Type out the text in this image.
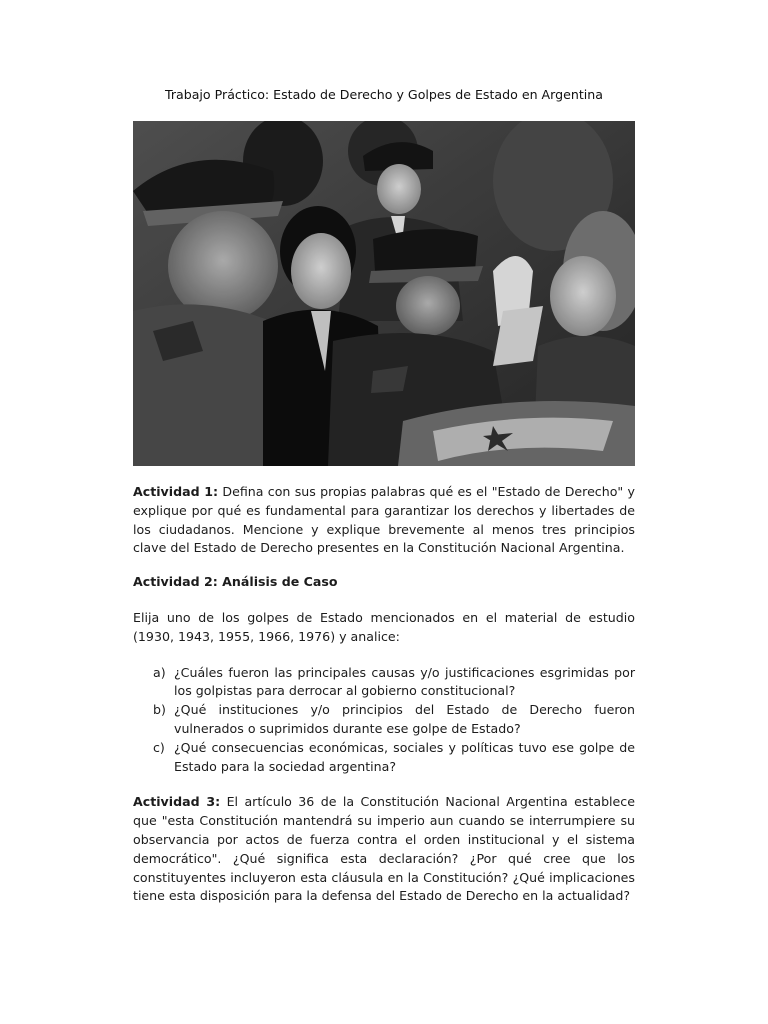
Trabajo Práctico: Estado de Derecho y Golpes de Estado en Argentina

Actividad 1: Defina con sus propias palabras qué es el "Estado de Derecho" y explique por qué es fundamental para garantizar los derechos y libertades de los ciudadanos. Mencione y explique brevemente al menos tres principios clave del Estado de Derecho presentes en la Constitución Nacional Argentina.

Actividad 2: Análisis de Caso

Elija uno de los golpes de Estado mencionados en el material de estudio (1930, 1943, 1955, 1966, 1976) y analice:

a) ¿Cuáles fueron las principales causas y/o justificaciones esgrimidas por los golpistas para derrocar al gobierno constitucional?
b) ¿Qué instituciones y/o principios del Estado de Derecho fueron vulnerados o suprimidos durante ese golpe de Estado?
c) ¿Qué consecuencias económicas, sociales y políticas tuvo ese golpe de Estado para la sociedad argentina?

Actividad 3: El artículo 36 de la Constitución Nacional Argentina establece que "esta Constitución mantendrá su imperio aun cuando se interrumpiere su observancia por actos de fuerza contra el orden institucional y el sistema democrático". ¿Qué significa esta declaración? ¿Por qué cree que los constituyentes incluyeron esta cláusula en la Constitución? ¿Qué implicaciones tiene esta disposición para la defensa del Estado de Derecho en la actualidad?
